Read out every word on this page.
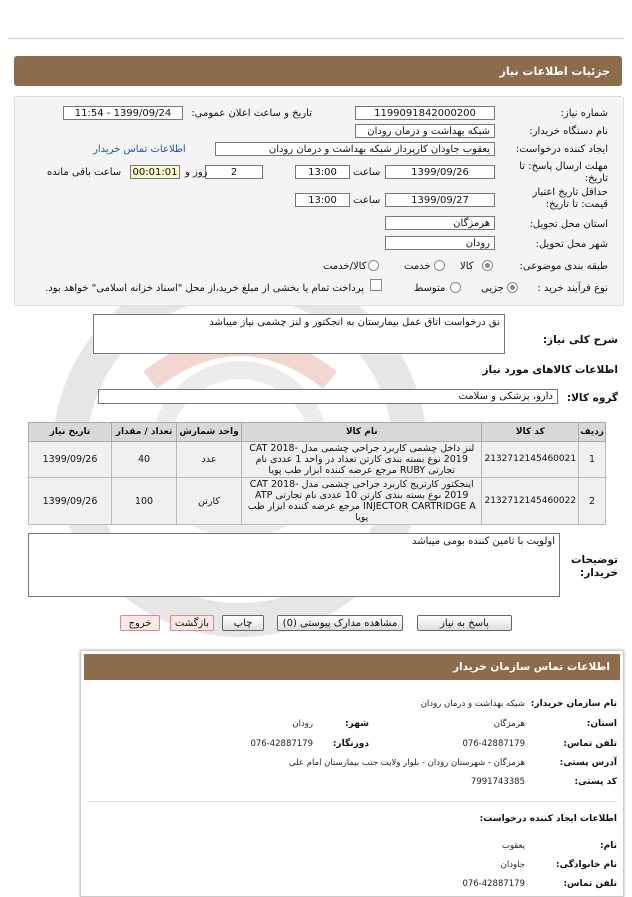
جزئیات اطلاعات نیاز
شماره نیاز:
1199091842000200
تاریخ و ساعت اعلان عمومی:
1399/09/24 - 11:54
نام دستگاه خریدار:
شبکه بهداشت و درمان رودان
ایجاد کننده درخواست:
یعقوب جاودان کارپرداز شبکه بهداشت و درمان رودان
اطلاعات تماس خریدار
مهلت ارسال پاسخ: تا تاریخ:
1399/09/26
ساعت
13:00
2
روز و
00:01:01
ساعت باقی مانده
حداقل تاریخ اعتبار قیمت: تا تاریخ:
1399/09/27
ساعت
13:00
استان محل تحویل:
هرمزگان
شهر محل تحویل:
رودان
طبقه بندی موضوعی:
کالا
خدمت
کالا/خدمت
نوع فرآیند خرید :
جزیی
متوسط
پرداخت تمام یا بخشی از مبلغ خرید،از محل "اسناد خزانه اسلامی" خواهد بود.
شرح کلی نیاز:
نق درخواست اتاق عمل بیمارستان به انجکتور و لنز چشمی نیاز میباشد
اطلاعات کالاهای مورد نیاز
گروه کالا:
دارو، پزشکی و سلامت
ردیف	کد کالا	نام کالا	واحد شمارش	تعداد / مقدار	تاریخ نیاز
1	2132712145460021	لنز داخل چشمی کاربرد جراحی چشمی مدل CAT 2018-2019 نوع بسته بندی کارتن تعداد در واحد 1 عددی نام تجارتی RUBY مرجع عرضه کننده ابزار طب پویا	عدد	40	1399/09/26
2	2132712145460022	اینجکتور کارتریج کاربرد جراحی چشمی مدل CAT 2018-2019 نوع بسته بندی کارتن 10 عددی نام تجارتی ATP INJECTOR CARTRIDGE A مرجع عرضه کننده ابزار طب پویا	کارتن	100	1399/09/26
توضیحات خریدار:
اولویت با تامین کننده بومی میباشد
پاسخ به نیاز
مشاهده مدارک پیوستی (0)
چاپ
بازگشت
خروج
اطلاعات تماس سازمان خریدار
نام سازمان خریدار:
شبکه بهداشت و درمان رودان
استان:
هرمزگان
شهر:
رودان
تلفن تماس:
076-42887179
دورنگار:
076-42887179
آدرس پستی:
هرمزگان - شهرستان رودان - بلوار ولایت جنب بیمارستان امام علی
کد پستی:
7991743385
اطلاعات ایجاد کننده درخواست:
نام:
یعقوب
نام خانوادگی:
جاودان
تلفن تماس:
076-42887179
